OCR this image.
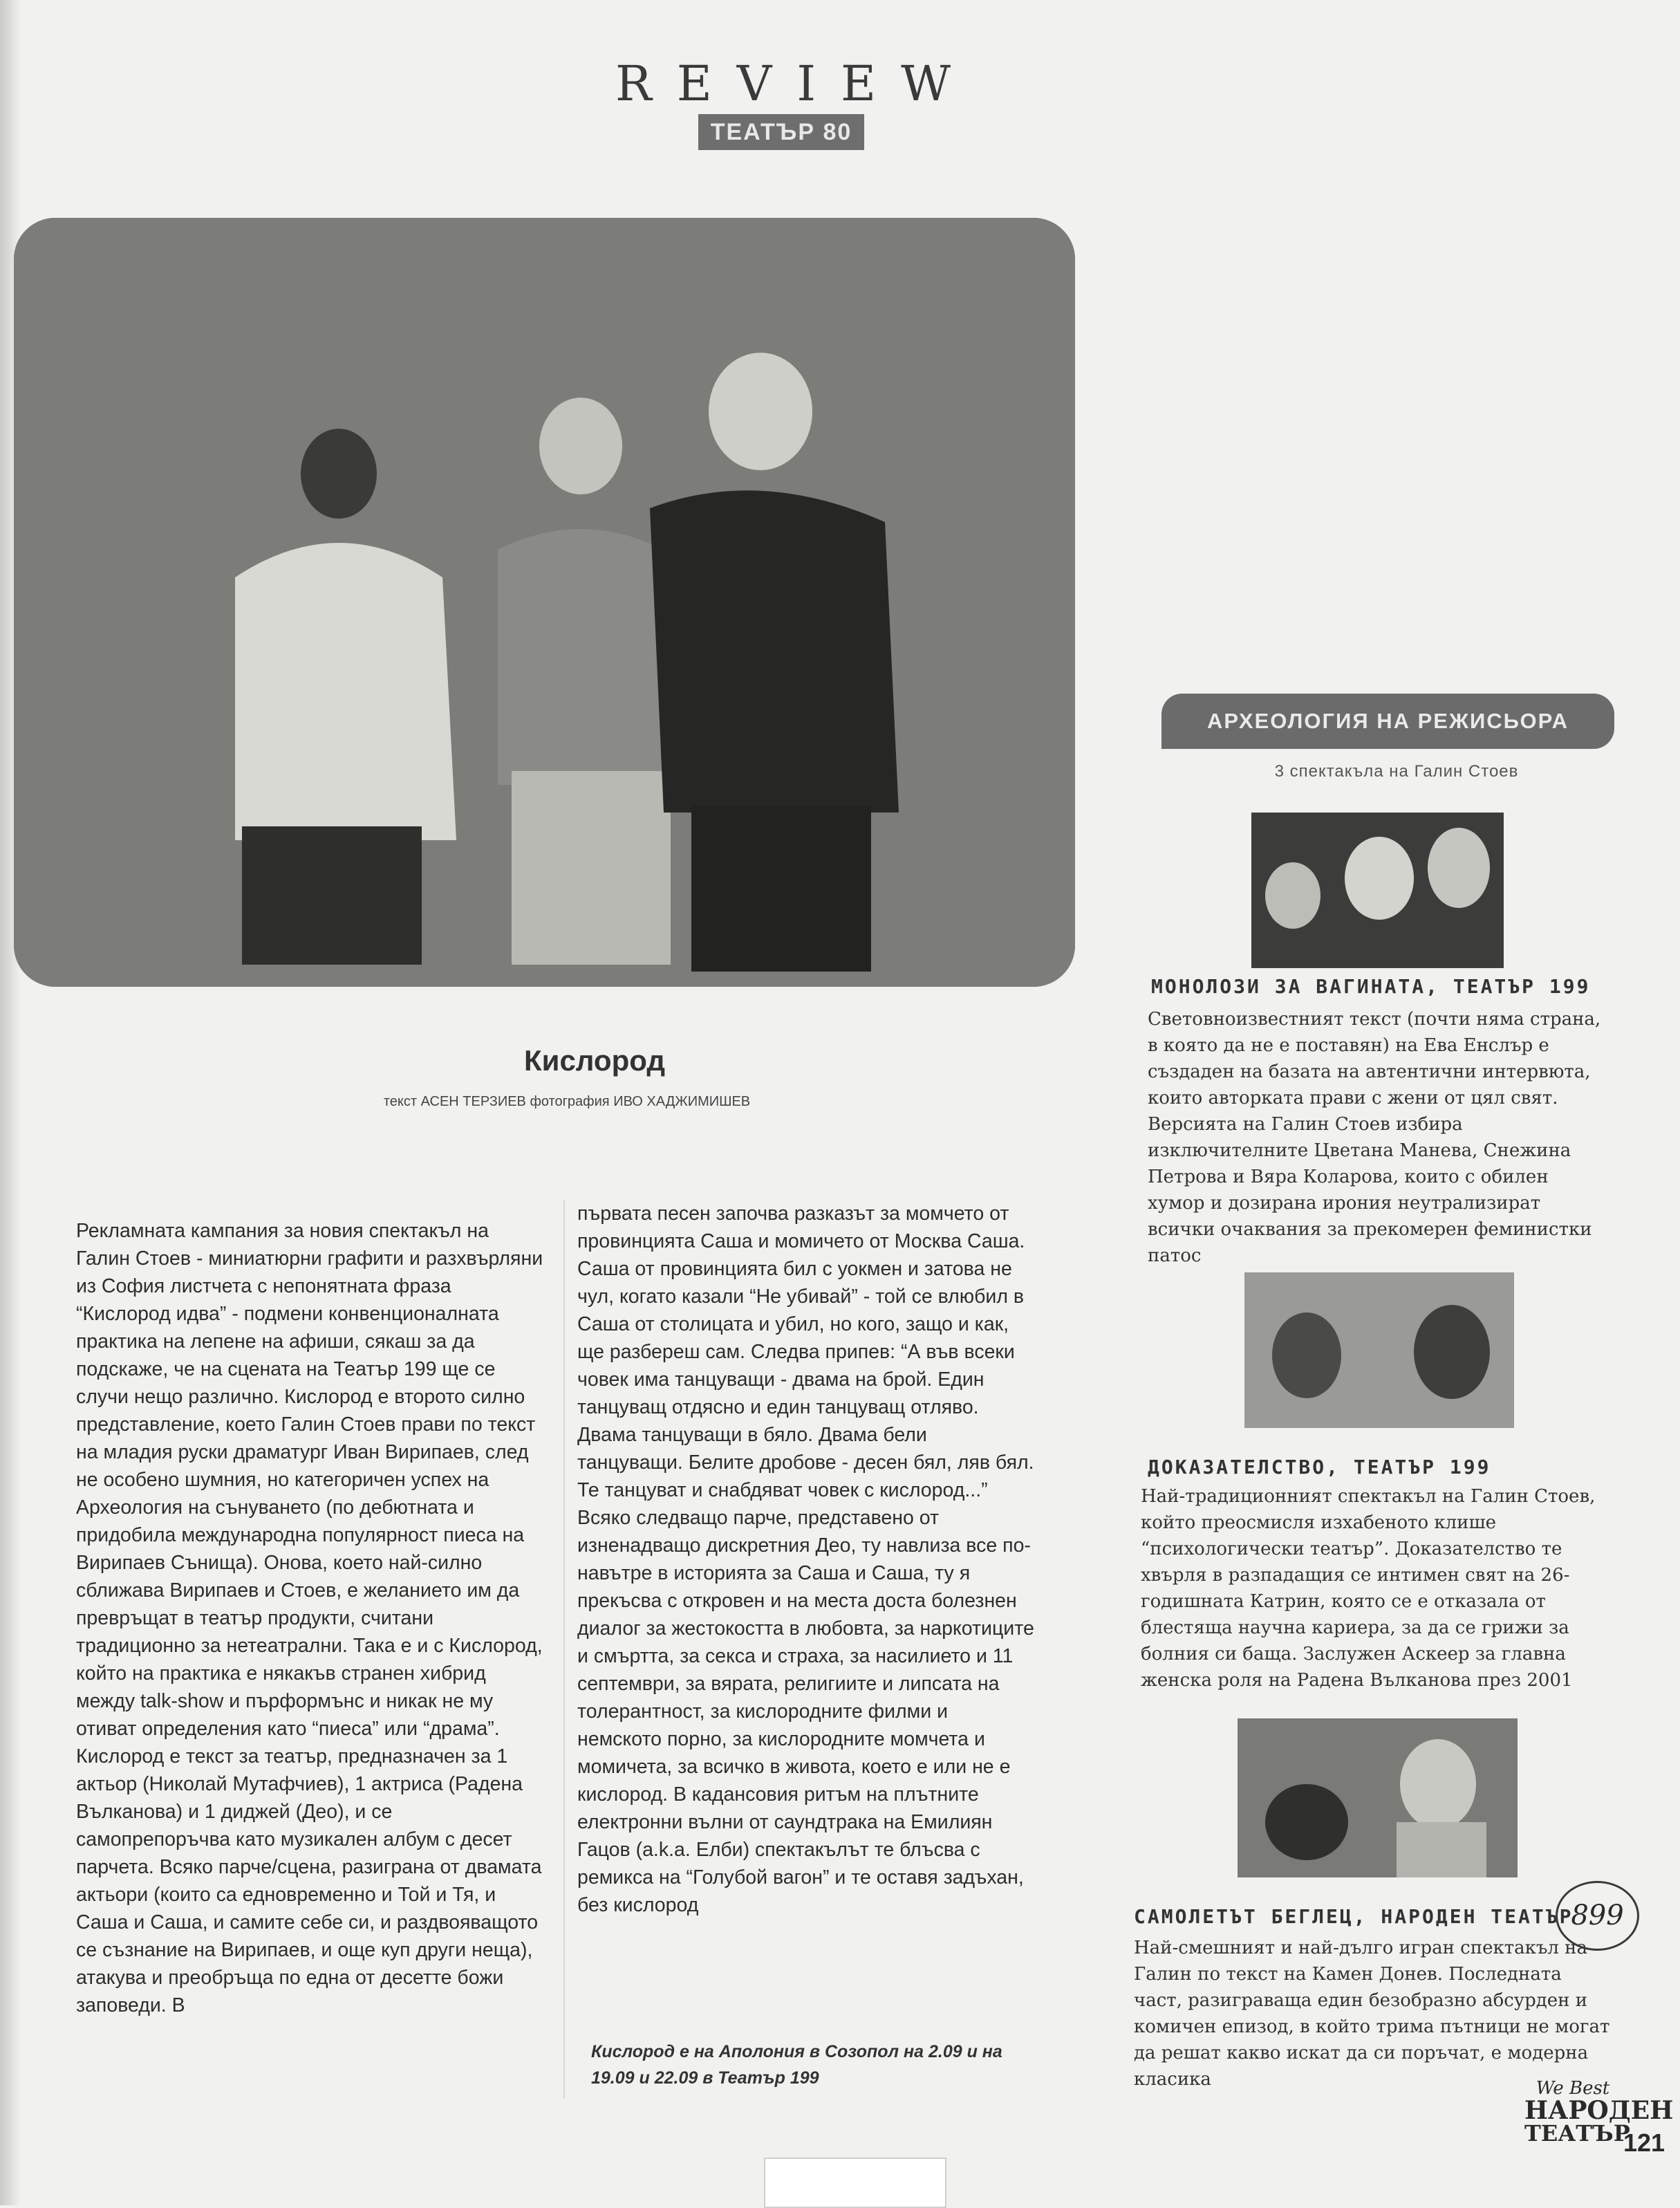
REVIEW
ТЕАТЪР 80
Кислород
текст АСЕН ТЕРЗИЕВ фотография ИВО ХАДЖИМИШЕВ

Рекламната кампания за новия спектакъл на Галин Стоев - миниатюрни графити и разхвърляни из София листчета с непонятната фраза “Кислород идва” - подмени конвенционалната практика на лепене на афиши, сякаш за да подскаже, че на сцената на Театър 199 ще се случи нещо различно. Кислород е второто силно представление, което Галин Стоев прави по текст на младия руски драматург Иван Вирипаев, след не особено шумния, но категоричен успех на Археология на сънуването (по дебютната и придобила международна популярност пиеса на Вирипаев Сънища). Онова, което най-силно сближава Вирипаев и Стоев, е желанието им да превръщат в театър продукти, считани традиционно за нетеатрални. Така е и с Кислород, който на практика е някакъв странен хибрид между talk-show и пърформънс и никак не му отиват определения като “пиеса” или “драма”.

Кислород е текст за театър, предназначен за 1 актьор (Николай Мутафчиев), 1 актриса (Радена Вълканова) и 1 диджей (Део), и се самопрепоръчва като музикален албум с десет парчета. Всяко парче/сцена, разиграна от двамата актьори (които са едновременно и Той и Тя, и Саша и Саша, и самите себе си, и раздвояващото се съзнание на Вирипаев, и още куп други неща), атакува и преобръща по една от десетте божи заповеди. В

първата песен започва разказът за момчето от провинцията Саша и момичето от Москва Саша. Саша от провинцията бил с уокмен и затова не чул, когато казали “Не убивай” - той се влюбил в Саша от столицата и убил, но кого, защо и как, ще разбереш сам. Следва припев: “А във всеки човек има танцуващи - двама на брой. Един танцуващ отдясно и един танцуващ отляво. Двама танцуващи в бяло. Двама бели танцуващи. Белите дробове - десен бял, ляв бял. Те танцуват и снабдяват човек с кислород...” Всяко следващо парче, представено от изненадващо дискретния Део, ту навлиза все по-навътре в историята за Саша и Саша, ту я прекъсва с откровен и на места доста болезнен диалог за жестокостта в любовта, за наркотиците и смъртта, за секса и страха, за насилието и 11 септември, за вярата, религиите и липсата на толерантност, за кислородните филми и немското порно, за кислородните момчета и момичета, за всичко в живота, което е или не е кислород. В кадансовия ритъм на плътните електронни вълни от саундтрака на Емилиян Гацов (a.k.a. Елби) спектакълът те блъсва с ремикса на “Голубой вагон” и те оставя задъхан, без кислород

Кислород е на Аполония в Созопол на 2.09 и на 19.09 и 22.09 в Театър 199
АРХЕОЛОГИЯ НА РЕЖИСЬОРА
3 спектакъла на Галин Стоев
МОНОЛОЗИ ЗА ВАГИНАТА, ТЕАТЪР 199
Световноизвестният текст (почти няма страна, в която да не е поставян) на Ева Енслър е създаден на базата на автентични интервюта, които авторката прави с жени от цял свят. Версията на Галин Стоев избира изключителните Цветана Манева, Снежина Петрова и Вяра Коларова, които с обилен хумор и дозирана ирония неутрализират всички очаквания за прекомерен феминистки патос
ДОКАЗАТЕЛСТВО, ТЕАТЪР 199
Най-традиционният спектакъл на Галин Стоев, който преосмисля изхабеното клише “психологически театър”. Доказателство те хвърля в разпадащия се интимен свят на 26-годишната Катрин, която се е отказала от блестяща научна кариера, за да се грижи за болния си баща. Заслужен Аскеер за главна женска роля на Радена Вълканова през 2001
САМОЛЕТЪТ БЕГЛЕЦ, НАРОДЕН ТЕАТЪР
Най-смешният и най-дълго игран спектакъл на Галин по текст на Камен Донев. Последната част, разиграваща един безобразно абсурден и комичен епизод, в който трима пътници не могат да решат какво искат да си поръчат, е модерна класика
899
We Best
НАРОДЕН
ТЕАТЪР
121
